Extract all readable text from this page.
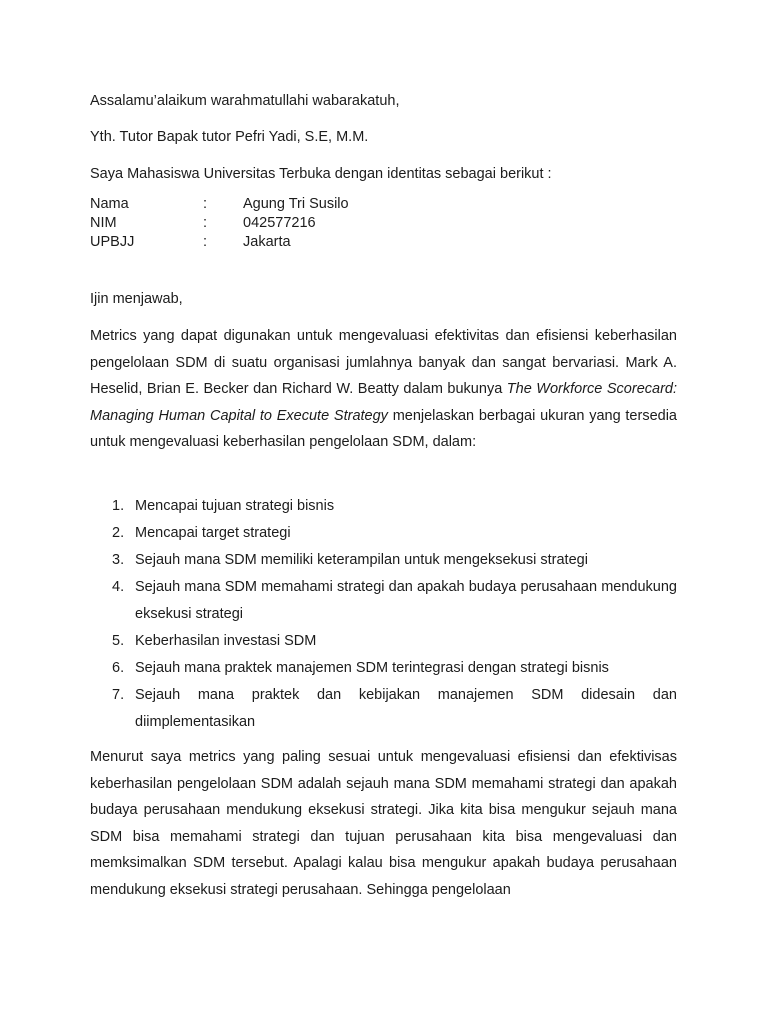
Assalamu’alaikum warahmatullahi wabarakatuh,
Yth. Tutor Bapak tutor Pefri Yadi, S.E, M.M.
Saya Mahasiswa Universitas Terbuka dengan identitas sebagai berikut :
Nama	:	Agung Tri Susilo
NIM	:	042577216
UPBJJ	:	Jakarta
Ijin menjawab,

Metrics yang dapat digunakan untuk mengevaluasi efektivitas dan efisiensi keberhasilan pengelolaan SDM di suatu organisasi jumlahnya banyak dan sangat bervariasi. Mark A. Heselid, Brian E. Becker dan Richard W. Beatty dalam bukunya The Workforce Scorecard: Managing Human Capital to Execute Strategy menjelaskan berbagai ukuran yang tersedia untuk mengevaluasi keberhasilan pengelolaan SDM, dalam:

1. Mencapai tujuan strategi bisnis
2. Mencapai target strategi
3. Sejauh mana SDM memiliki keterampilan untuk mengeksekusi strategi
4. Sejauh mana SDM memahami strategi dan apakah budaya perusahaan mendukung eksekusi strategi
5. Keberhasilan investasi SDM
6. Sejauh mana praktek manajemen SDM terintegrasi dengan strategi bisnis
7. Sejauh mana praktek dan kebijakan manajemen SDM didesain dan diimplementasikan

Menurut saya metrics yang paling sesuai untuk mengevaluasi efisiensi dan efektivisas keberhasilan pengelolaan SDM adalah sejauh mana SDM memahami strategi dan apakah budaya perusahaan mendukung eksekusi strategi. Jika kita bisa mengukur sejauh mana SDM bisa memahami strategi dan tujuan perusahaan kita bisa mengevaluasi dan memksimalkan SDM tersebut. Apalagi kalau bisa mengukur apakah budaya perusahaan mendukung eksekusi strategi perusahaan. Sehingga pengelolaan
